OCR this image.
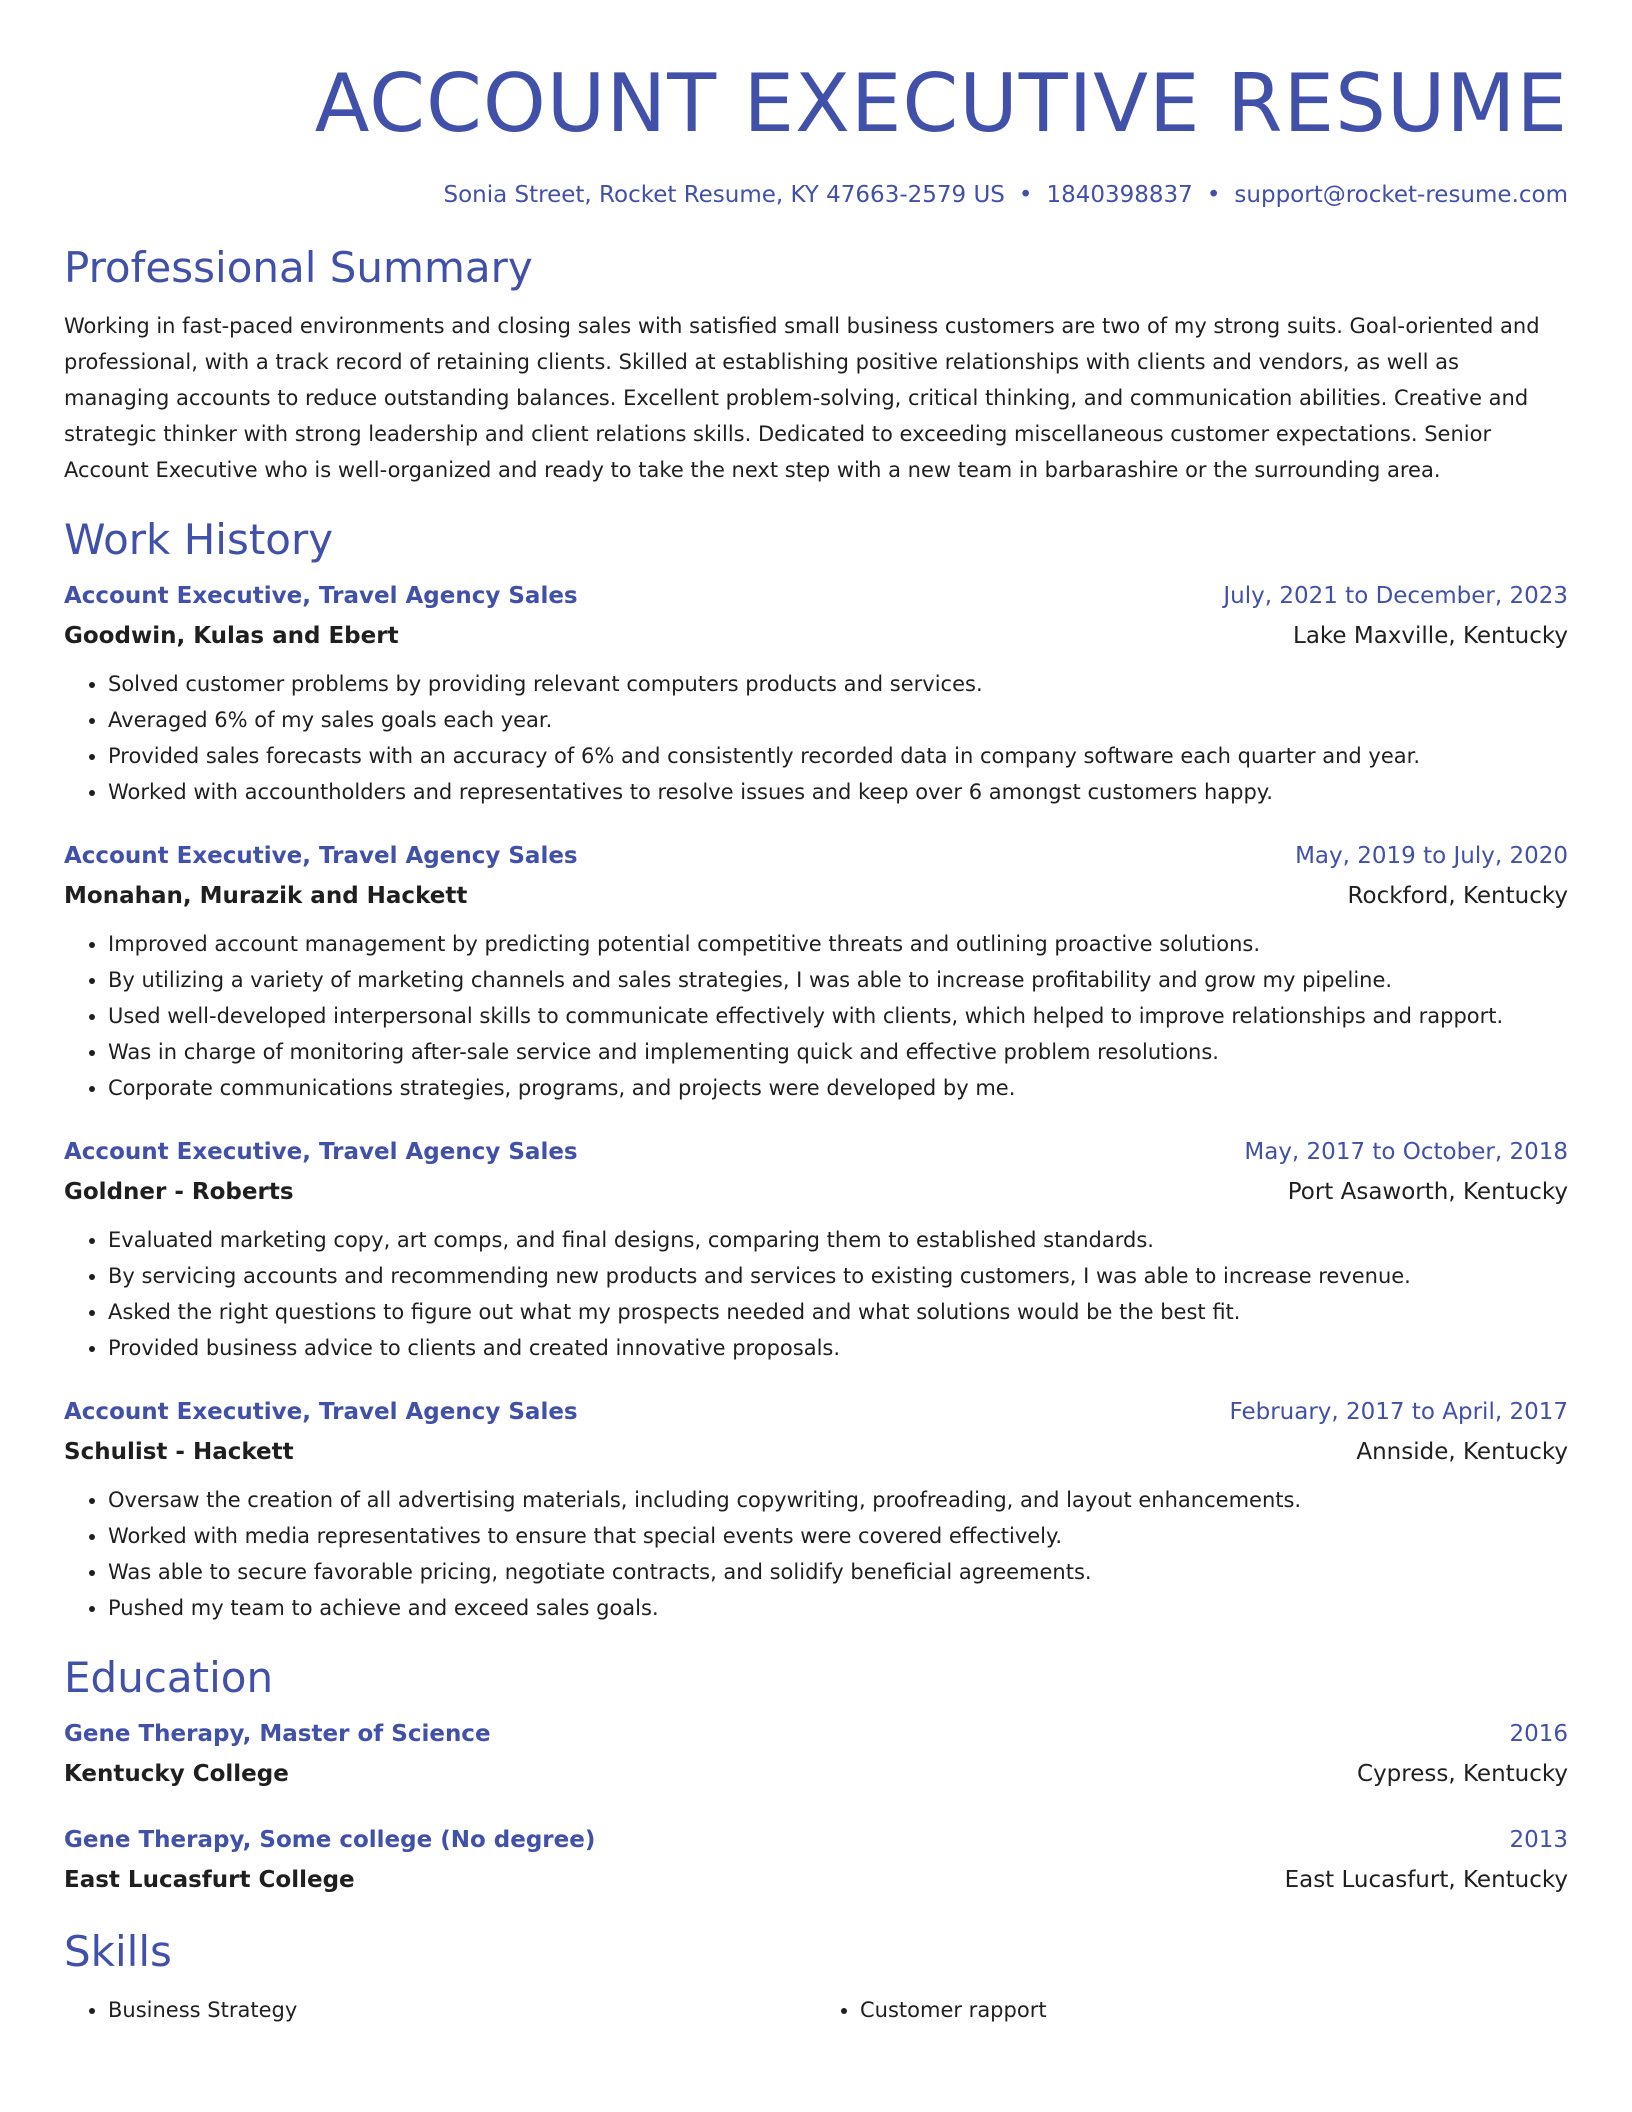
ACCOUNT EXECUTIVE RESUME
Sonia Street, Rocket Resume, KY 47663-2579 US • 1840398837 • support@rocket-resume.com
Professional Summary

Working in fast-paced environments and closing sales with satisfied small business customers are two of my strong suits. Goal-oriented and professional, with a track record of retaining clients. Skilled at establishing positive relationships with clients and vendors, as well as managing accounts to reduce outstanding balances. Excellent problem-solving, critical thinking, and communication abilities. Creative and strategic thinker with strong leadership and client relations skills. Dedicated to exceeding miscellaneous customer expectations. Senior Account Executive who is well-organized and ready to take the next step with a new team in barbarashire or the surrounding area.

Work History
Account Executive, Travel Agency Sales	July, 2021 to December, 2023
Goodwin, Kulas and Ebert	Lake Maxville, Kentucky
• Solved customer problems by providing relevant computers products and services.
• Averaged 6% of my sales goals each year.
• Provided sales forecasts with an accuracy of 6% and consistently recorded data in company software each quarter and year.
• Worked with accountholders and representatives to resolve issues and keep over 6 amongst customers happy.
Account Executive, Travel Agency Sales	May, 2019 to July, 2020
Monahan, Murazik and Hackett	Rockford, Kentucky
• Improved account management by predicting potential competitive threats and outlining proactive solutions.
• By utilizing a variety of marketing channels and sales strategies, I was able to increase profitability and grow my pipeline.
• Used well-developed interpersonal skills to communicate effectively with clients, which helped to improve relationships and rapport.
• Was in charge of monitoring after-sale service and implementing quick and effective problem resolutions.
• Corporate communications strategies, programs, and projects were developed by me.
Account Executive, Travel Agency Sales	May, 2017 to October, 2018
Goldner - Roberts	Port Asaworth, Kentucky
• Evaluated marketing copy, art comps, and final designs, comparing them to established standards.
• By servicing accounts and recommending new products and services to existing customers, I was able to increase revenue.
• Asked the right questions to figure out what my prospects needed and what solutions would be the best fit.
• Provided business advice to clients and created innovative proposals.
Account Executive, Travel Agency Sales	February, 2017 to April, 2017
Schulist - Hackett	Annside, Kentucky
• Oversaw the creation of all advertising materials, including copywriting, proofreading, and layout enhancements.
• Worked with media representatives to ensure that special events were covered effectively.
• Was able to secure favorable pricing, negotiate contracts, and solidify beneficial agreements.
• Pushed my team to achieve and exceed sales goals.
Education
Gene Therapy, Master of Science	2016
Kentucky College	Cypress, Kentucky
Gene Therapy, Some college (No degree)	2013
East Lucasfurt College	East Lucasfurt, Kentucky
Skills
• Business Strategy
•	Customer rapport
